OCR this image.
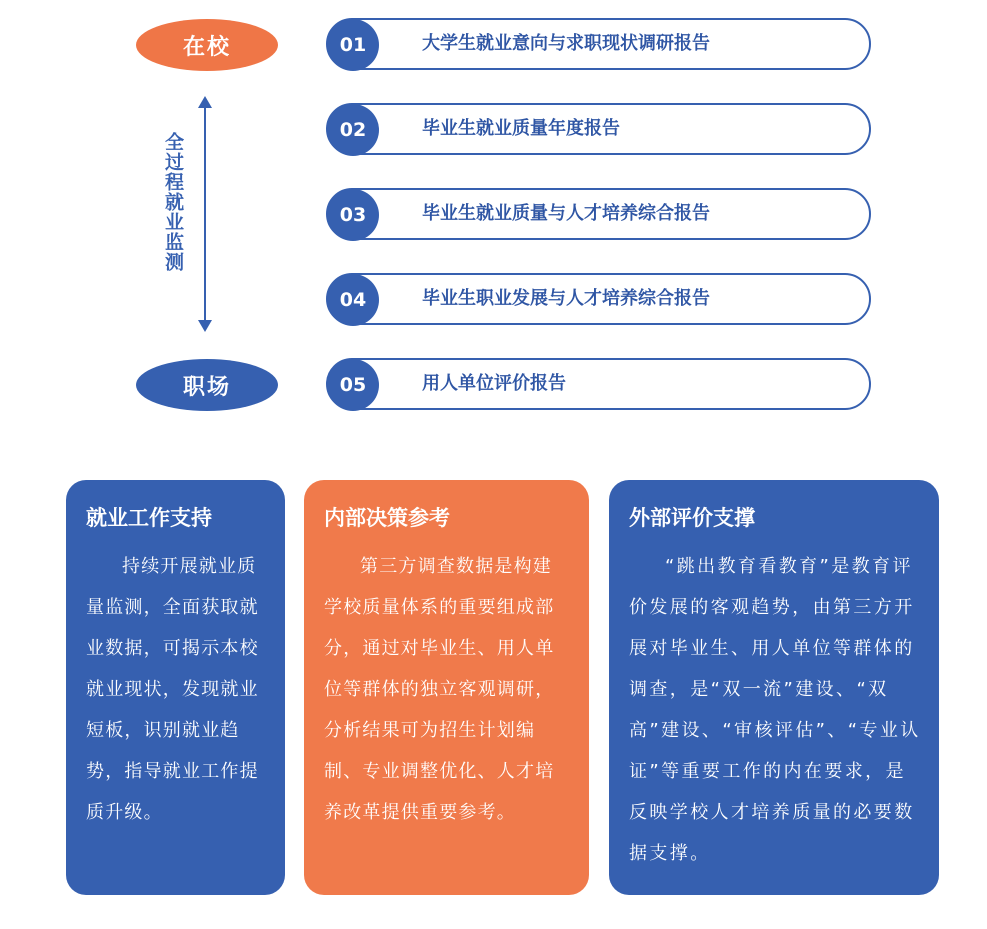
在校
全过程就业监测
职场
01	大学生就业意向与求职现状调研报告
02	毕业生就业质量年度报告
03	毕业生就业质量与人才培养综合报告
04	毕业生职业发展与人才培养综合报告
05	用人单位评价报告
就业工作支持

持续开展就业质量监测，全面获取就业数据，可揭示本校就业现状，发现就业短板，识别就业趋势，指导就业工作提质升级。

内部决策参考

第三方调查数据是构建学校质量体系的重要组成部分，通过对毕业生、用人单位等群体的独立客观调研，分析结果可为招生计划编制、专业调整优化、人才培养改革提供重要参考。

外部评价支撑

“跳出教育看教育”是教育评价发展的客观趋势，由第三方开展对毕业生、用人单位等群体的调查，是“双一流”建设、“双高”建设、“审核评估”、“专业认证”等重要工作的内在要求，是反映学校人才培养质量的必要数据支撑。
